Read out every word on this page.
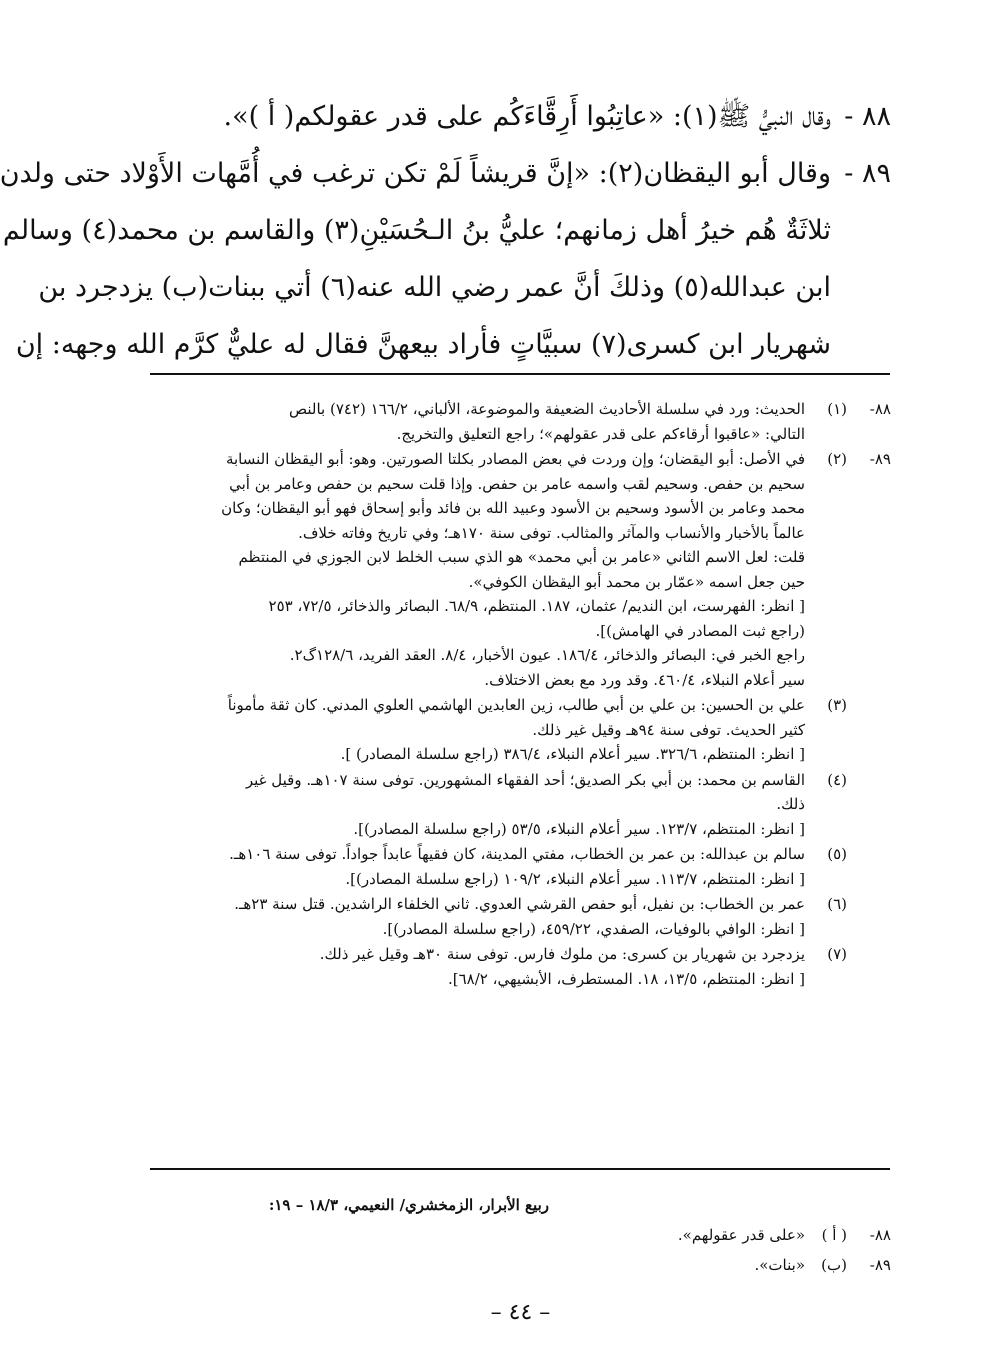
٨٨ -
وقال النبيُّ ﷺ(١): «عاتِبُوا أَرِقَّاءَكُم على قدر عقولكم( أ )».
٨٩ -
وقال أبو اليقظان(٢): «إنَّ قريشاً لَمْ تكن ترغب في أُمَّهات الأَوْلاد حتى ولدن
ثلاثَةٌ هُم خيرُ أهل زمانهم؛ عليُّ بنُ الـحُسَيْنِ(٣) والقاسم بن محمد(٤) وسالم
ابن عبدالله(٥) وذلكَ أنَّ عمر رضي الله عنه(٦) أتي ببنات(ب) يزدجرد بن
شهريار ابن كسرى(٧) سبيَّاتٍ فأراد بيعهنَّ فقال له عليٌّ كرَّم الله وجهه: إن
٨٨-
(١)
الحديث: ورد في سلسلة الأحاديث الضعيفة والموضوعة، الألباني، ١٦٦/٢ (٧٤٢) بالنص
التالي: «عاقبوا أرقاءكم على قدر عقولهم»؛ راجع التعليق والتخريج.
٨٩-
(٢)
في الأصل: أبو اليقضان؛ وإن وردت في بعض المصادر بكلتا الصورتين. وهو: أبو اليقظان النسابة
سحيم بن حفص. وسحيم لقب واسمه عامر بن حفص. وإذا قلت سحيم بن حفص وعامر بن أبي
محمد وعامر بن الأسود وسحيم بن الأسود وعبيد الله بن فائد وأبو إسحاق فهو أبو اليقظان؛ وكان
عالماً بالأخبار والأنساب والمآثر والمثالب. توفى سنة ١٧٠هـ؛ وفي تاريخ وفاته خلاف.
قلت: لعل الاسم الثاني «عامر بن أبي محمد» هو الذي سبب الخلط لابن الجوزي في المنتظم
حين جعل اسمه «عمّار بن محمد أبو اليقظان الكوفي».
[ انظر: الفهرست، ابن النديم/ عثمان، ١٨٧. المنتظم، ٦٨/٩. البصائر والذخائر، ٧٢/٥، ٢٥٣
(راجع ثبت المصادر في الهامش)].
راجع الخبر في: البصائر والذخائر، ١٨٦/٤. عيون الأخبار، ٨/٤. العقد الفريد، ١٢٨/٦گ٢.
سير أعلام النبلاء، ٤٦٠/٤. وقد ورد مع بعض الاختلاف.
(٣)
علي بن الحسين: بن علي بن أبي طالب، زين العابدين الهاشمي العلوي المدني. كان ثقة مأموناً
كثير الحديث. توفى سنة ٩٤هـ وقيل غير ذلك.
[ انظر: المنتظم، ٣٢٦/٦. سير أعلام النبلاء، ٣٨٦/٤ (راجع سلسلة المصادر) ].
(٤)
القاسم بن محمد: بن أبي بكر الصديق؛ أحد الفقهاء المشهورين. توفى سنة ١٠٧هـ. وقيل غير
ذلك.
[ انظر: المنتظم، ١٢٣/٧. سير أعلام النبلاء، ٥٣/٥ (راجع سلسلة المصادر)].
(٥)
سالم بن عبدالله: بن عمر بن الخطاب، مفتي المدينة، كان فقيهاً عابداً جواداً. توفى سنة ١٠٦هـ.
[ انظر: المنتظم، ١١٣/٧. سير أعلام النبلاء، ١٠٩/٢ (راجع سلسلة المصادر)].
(٦)
عمر بن الخطاب: بن نفيل، أبو حفص القرشي العدوي. ثاني الخلفاء الراشدين. قتل سنة ٢٣هـ.
[ انظر: الوافي بالوفيات، الصفدي، ٤٥٩/٢٢، (راجع سلسلة المصادر)].
(٧)
يزدجرد بن شهريار بن كسرى: من ملوك فارس. توفى سنة ٣٠هـ وقيل غير ذلك.
[ انظر: المنتظم، ١٣/٥، ١٨. المستطرف، الأبشيهي، ٦٨/٢].
ربيع الأبرار، الزمخشري/ النعيمي، ١٨/٣ – ١٩:
٨٨-
( أ )
«على قدر عقولهم».
٨٩-
(ب)
«بنات».
– ٤٤ –
